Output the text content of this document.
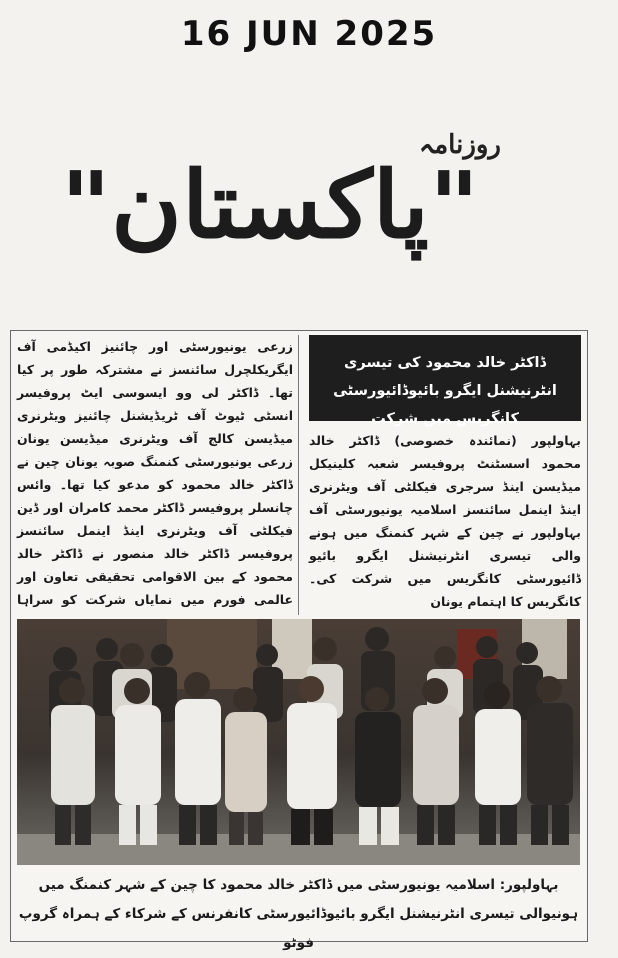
16 JUN 2025
روزنامہ
"پاکستان"
زرعی یونیورسٹی اور چائنیز اکیڈمی آف ایگریکلچرل سائنسز نے مشترکہ طور پر کیا تھا۔ ڈاکٹر لی وو ایسوسی ایٹ پروفیسر انسٹی ٹیوٹ آف ٹریڈیشنل چائنیز ویٹرنری میڈیسن کالج آف ویٹرنری میڈیسن یونان زرعی یونیورسٹی کنمنگ صوبہ یونان چین نے ڈاکٹر خالد محمود کو مدعو کیا تھا۔ وائس چانسلر پروفیسر ڈاکٹر محمد کامران اور ڈین فیکلٹی آف ویٹرنری اینڈ اینمل سائنسز پروفیسر ڈاکٹر خالد منصور نے ڈاکٹر خالد محمود کے بین الاقوامی تحقیقی تعاون اور عالمی فورم میں نمایاں شرکت کو سراہا
ڈاکٹر خالد محمود کی تیسری انٹرنیشنل ایگرو بائیوڈائیورسٹی کانگریس میں شرکت
بہاولپور (نمائندہ خصوصی) ڈاکٹر خالد محمود اسسٹنٹ پروفیسر شعبہ کلینیکل میڈیسن اینڈ سرجری فیکلٹی آف ویٹرنری اینڈ اینمل سائنسز اسلامیہ یونیورسٹی آف بہاولپور نے چین کے شہر کنمنگ میں ہونے والی تیسری انٹرنیشنل ایگرو بائیو ڈائیورسٹی کانگریس میں شرکت کی۔ کانگریس کا اہتمام یونان
بہاولپور: اسلامیہ یونیورسٹی میں ڈاکٹر خالد محمود کا چین کے شہر کنمنگ میں ہونیوالی تیسری انٹرنیشنل ایگرو بائیوڈائیورسٹی کانفرنس کے شرکاء کے ہمراہ گروپ فوٹو
